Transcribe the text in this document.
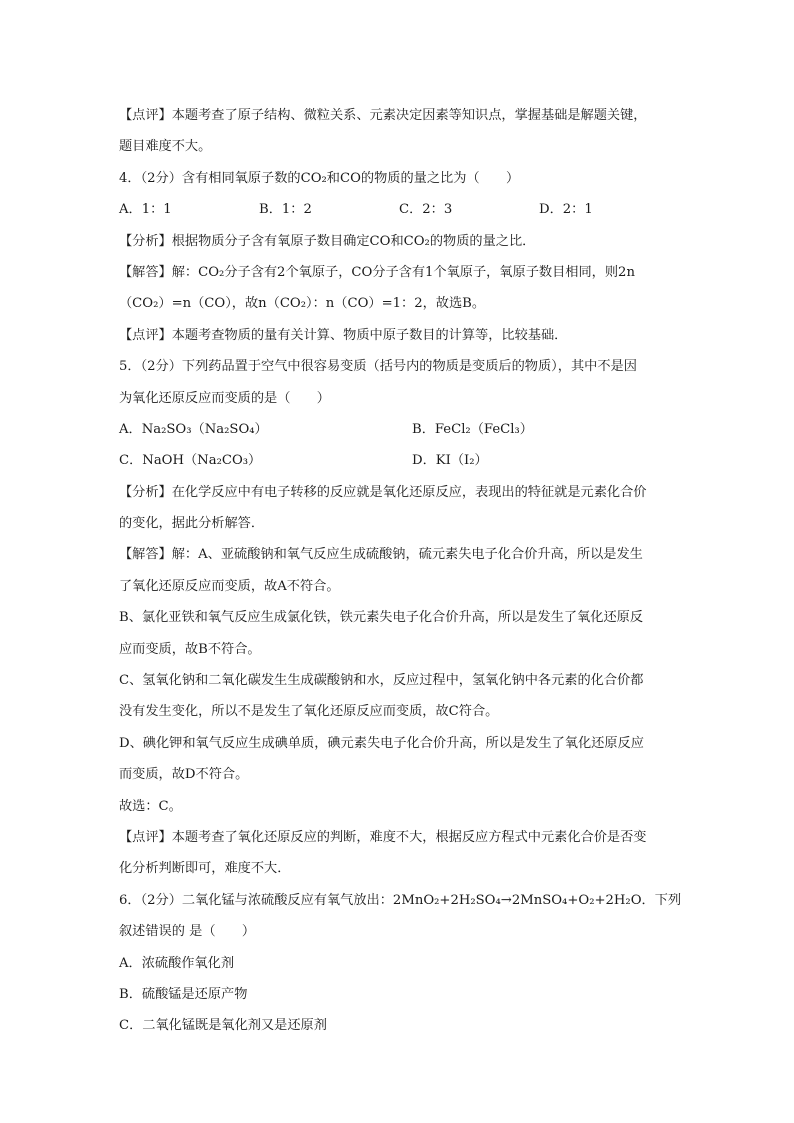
【点评】本题考查了原子结构、微粒关系、元素决定因素等知识点，掌握基础是解题关键，
题目难度不大。
4．（2分）含有相同氧原子数的CO₂和CO的物质的量之比为（　　）
A．1：1	B．1：2	C．2：3	D．2：1
【分析】根据物质分子含有氧原子数目确定CO和CO₂的物质的量之比．
【解答】解：CO₂分子含有2个氧原子，CO分子含有1个氧原子，氧原子数目相同，则2n
（CO₂）=n（CO），故n（CO₂）：n（CO）=1：2，故选B。
【点评】本题考查物质的量有关计算、物质中原子数目的计算等，比较基础．
5．（2分）下列药品置于空气中很容易变质（括号内的物质是变质后的物质），其中不是因
为氧化还原反应而变质的是（　　）
A．Na₂SO₃（Na₂SO₄）	B．FeCl₂（FeCl₃）
C．NaOH（Na₂CO₃）	D．KI（I₂）
【分析】在化学反应中有电子转移的反应就是氧化还原反应，表现出的特征就是元素化合价
的变化，据此分析解答．
【解答】解：A、亚硫酸钠和氧气反应生成硫酸钠，硫元素失电子化合价升高，所以是发生
了氧化还原反应而变质，故A不符合。
B、氯化亚铁和氧气反应生成氯化铁，铁元素失电子化合价升高，所以是发生了氧化还原反
应而变质，故B不符合。
C、氢氧化钠和二氧化碳发生生成碳酸钠和水，反应过程中，氢氧化钠中各元素的化合价都
没有发生变化，所以不是发生了氧化还原反应而变质，故C符合。
D、碘化钾和氧气反应生成碘单质，碘元素失电子化合价升高，所以是发生了氧化还原反应
而变质，故D不符合。
故选：C。
【点评】本题考查了氧化还原反应的判断，难度不大，根据反应方程式中元素化合价是否变
化分析判断即可，难度不大．
6．（2分）二氧化锰与浓硫酸反应有氧气放出：2MnO₂+2H₂SO₄→2MnSO₄+O₂+2H₂O．下列
叙述错误的 是（　　）
A．浓硫酸作氧化剂
B．硫酸锰是还原产物
C．二氧化锰既是氧化剂又是还原剂
